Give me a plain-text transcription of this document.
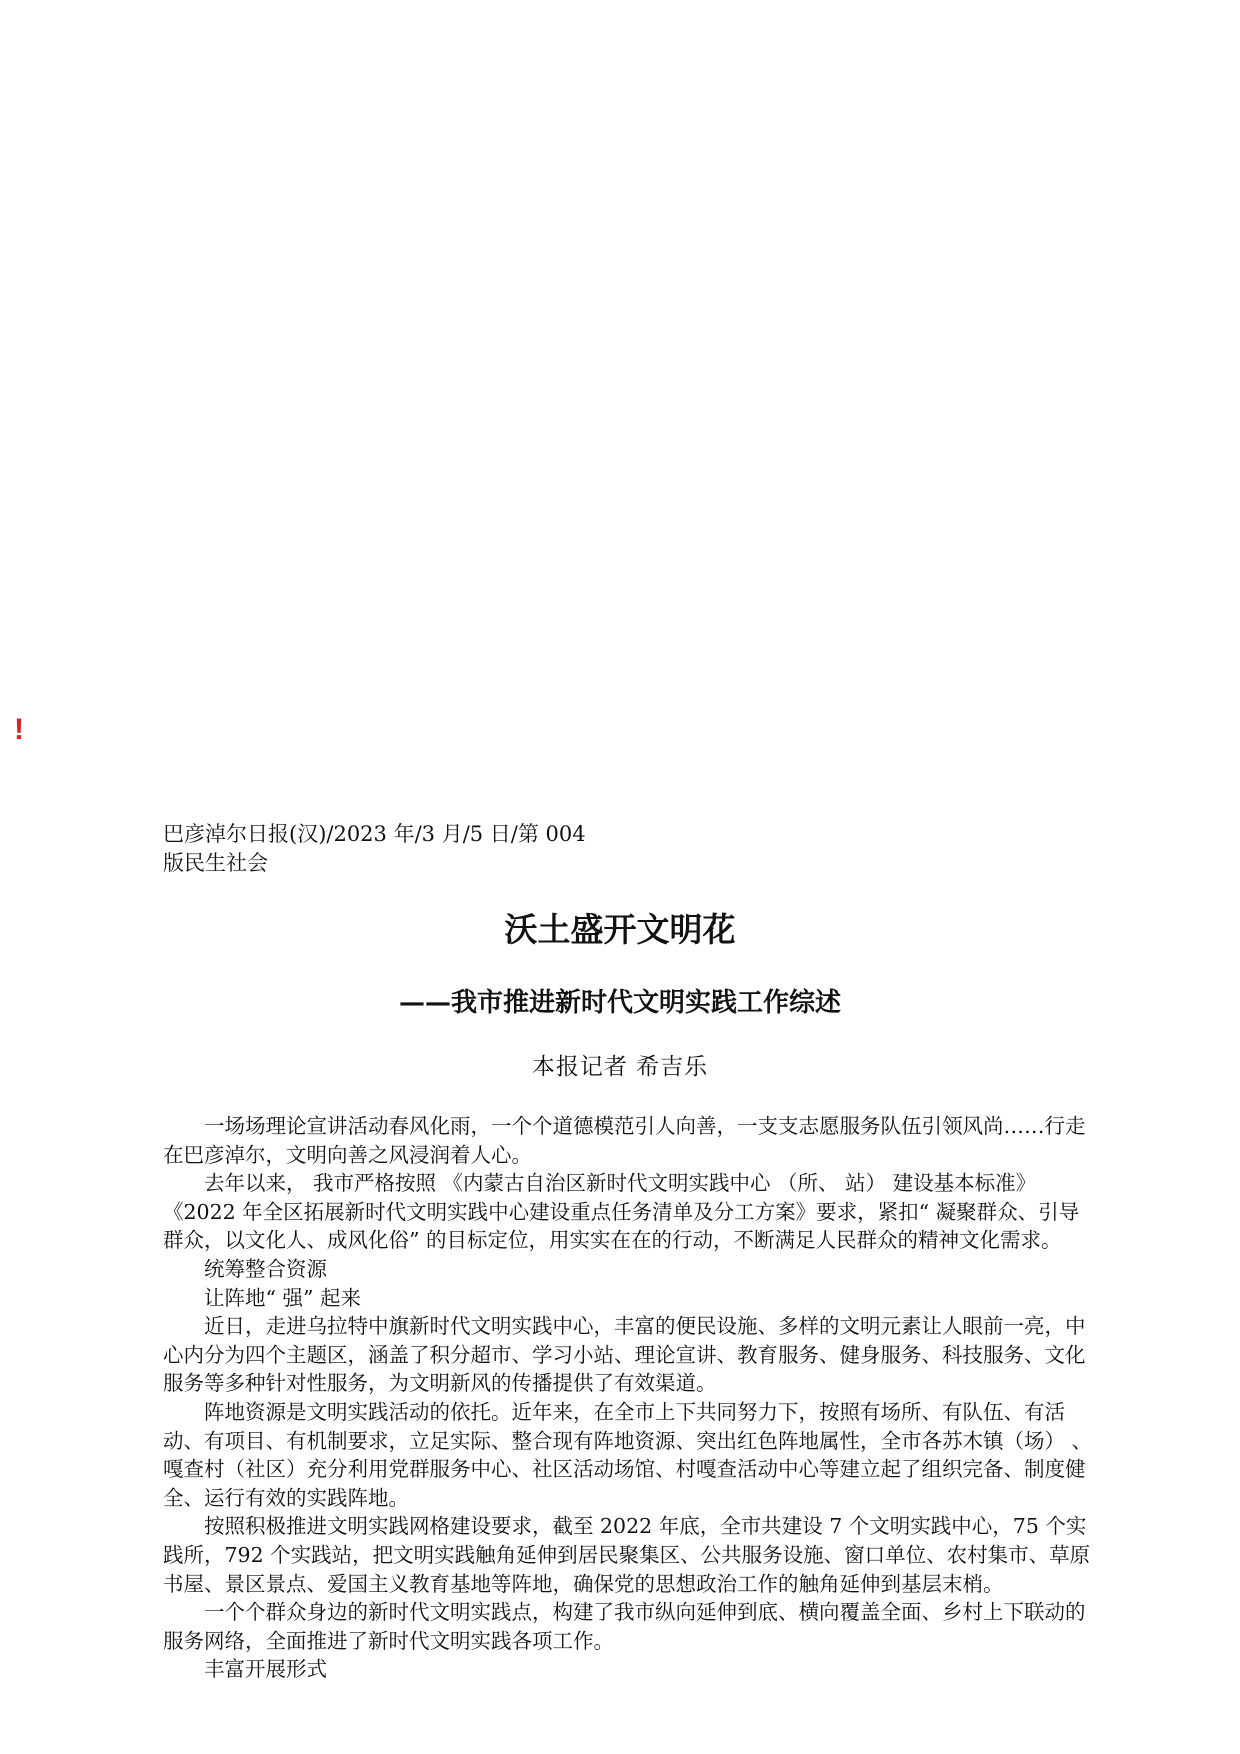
!
巴彦淖尔日报(汉)/2023 年/3 月/5 日/第 004
版民生社会
沃土盛开文明花
——我市推进新时代文明实践工作综述
本报记者 希吉乐

一场场理论宣讲活动春风化雨，一个个道德模范引人向善，一支支志愿服务队伍引领风尚……行走在巴彦淖尔，文明向善之风浸润着人心。

去年以来， 我市严格按照 《内蒙古自治区新时代文明实践中心 （所、 站） 建设基本标准》《2022 年全区拓展新时代文明实践中心建设重点任务清单及分工方案》要求，紧扣“ 凝聚群众、引导群众，以文化人、成风化俗” 的目标定位，用实实在在的行动，不断满足人民群众的精神文化需求。

统筹整合资源

让阵地“ 强” 起来

近日，走进乌拉特中旗新时代文明实践中心，丰富的便民设施、多样的文明元素让人眼前一亮，中心内分为四个主题区，涵盖了积分超市、学习小站、理论宣讲、教育服务、健身服务、科技服务、文化服务等多种针对性服务，为文明新风的传播提供了有效渠道。

阵地资源是文明实践活动的依托。近年来，在全市上下共同努力下，按照有场所、有队伍、有活动、有项目、有机制要求，立足实际、整合现有阵地资源、突出红色阵地属性，全市各苏木镇（场） 、嘎查村（社区）充分利用党群服务中心、社区活动场馆、村嘎查活动中心等建立起了组织完备、制度健全、运行有效的实践阵地。

按照积极推进文明实践网格建设要求，截至 2022 年底，全市共建设 7 个文明实践中心，75 个实践所，792 个实践站，把文明实践触角延伸到居民聚集区、公共服务设施、窗口单位、农村集市、草原书屋、景区景点、爱国主义教育基地等阵地，确保党的思想政治工作的触角延伸到基层末梢。

一个个群众身边的新时代文明实践点，构建了我市纵向延伸到底、横向覆盖全面、乡村上下联动的服务网络，全面推进了新时代文明实践各项工作。

丰富开展形式
